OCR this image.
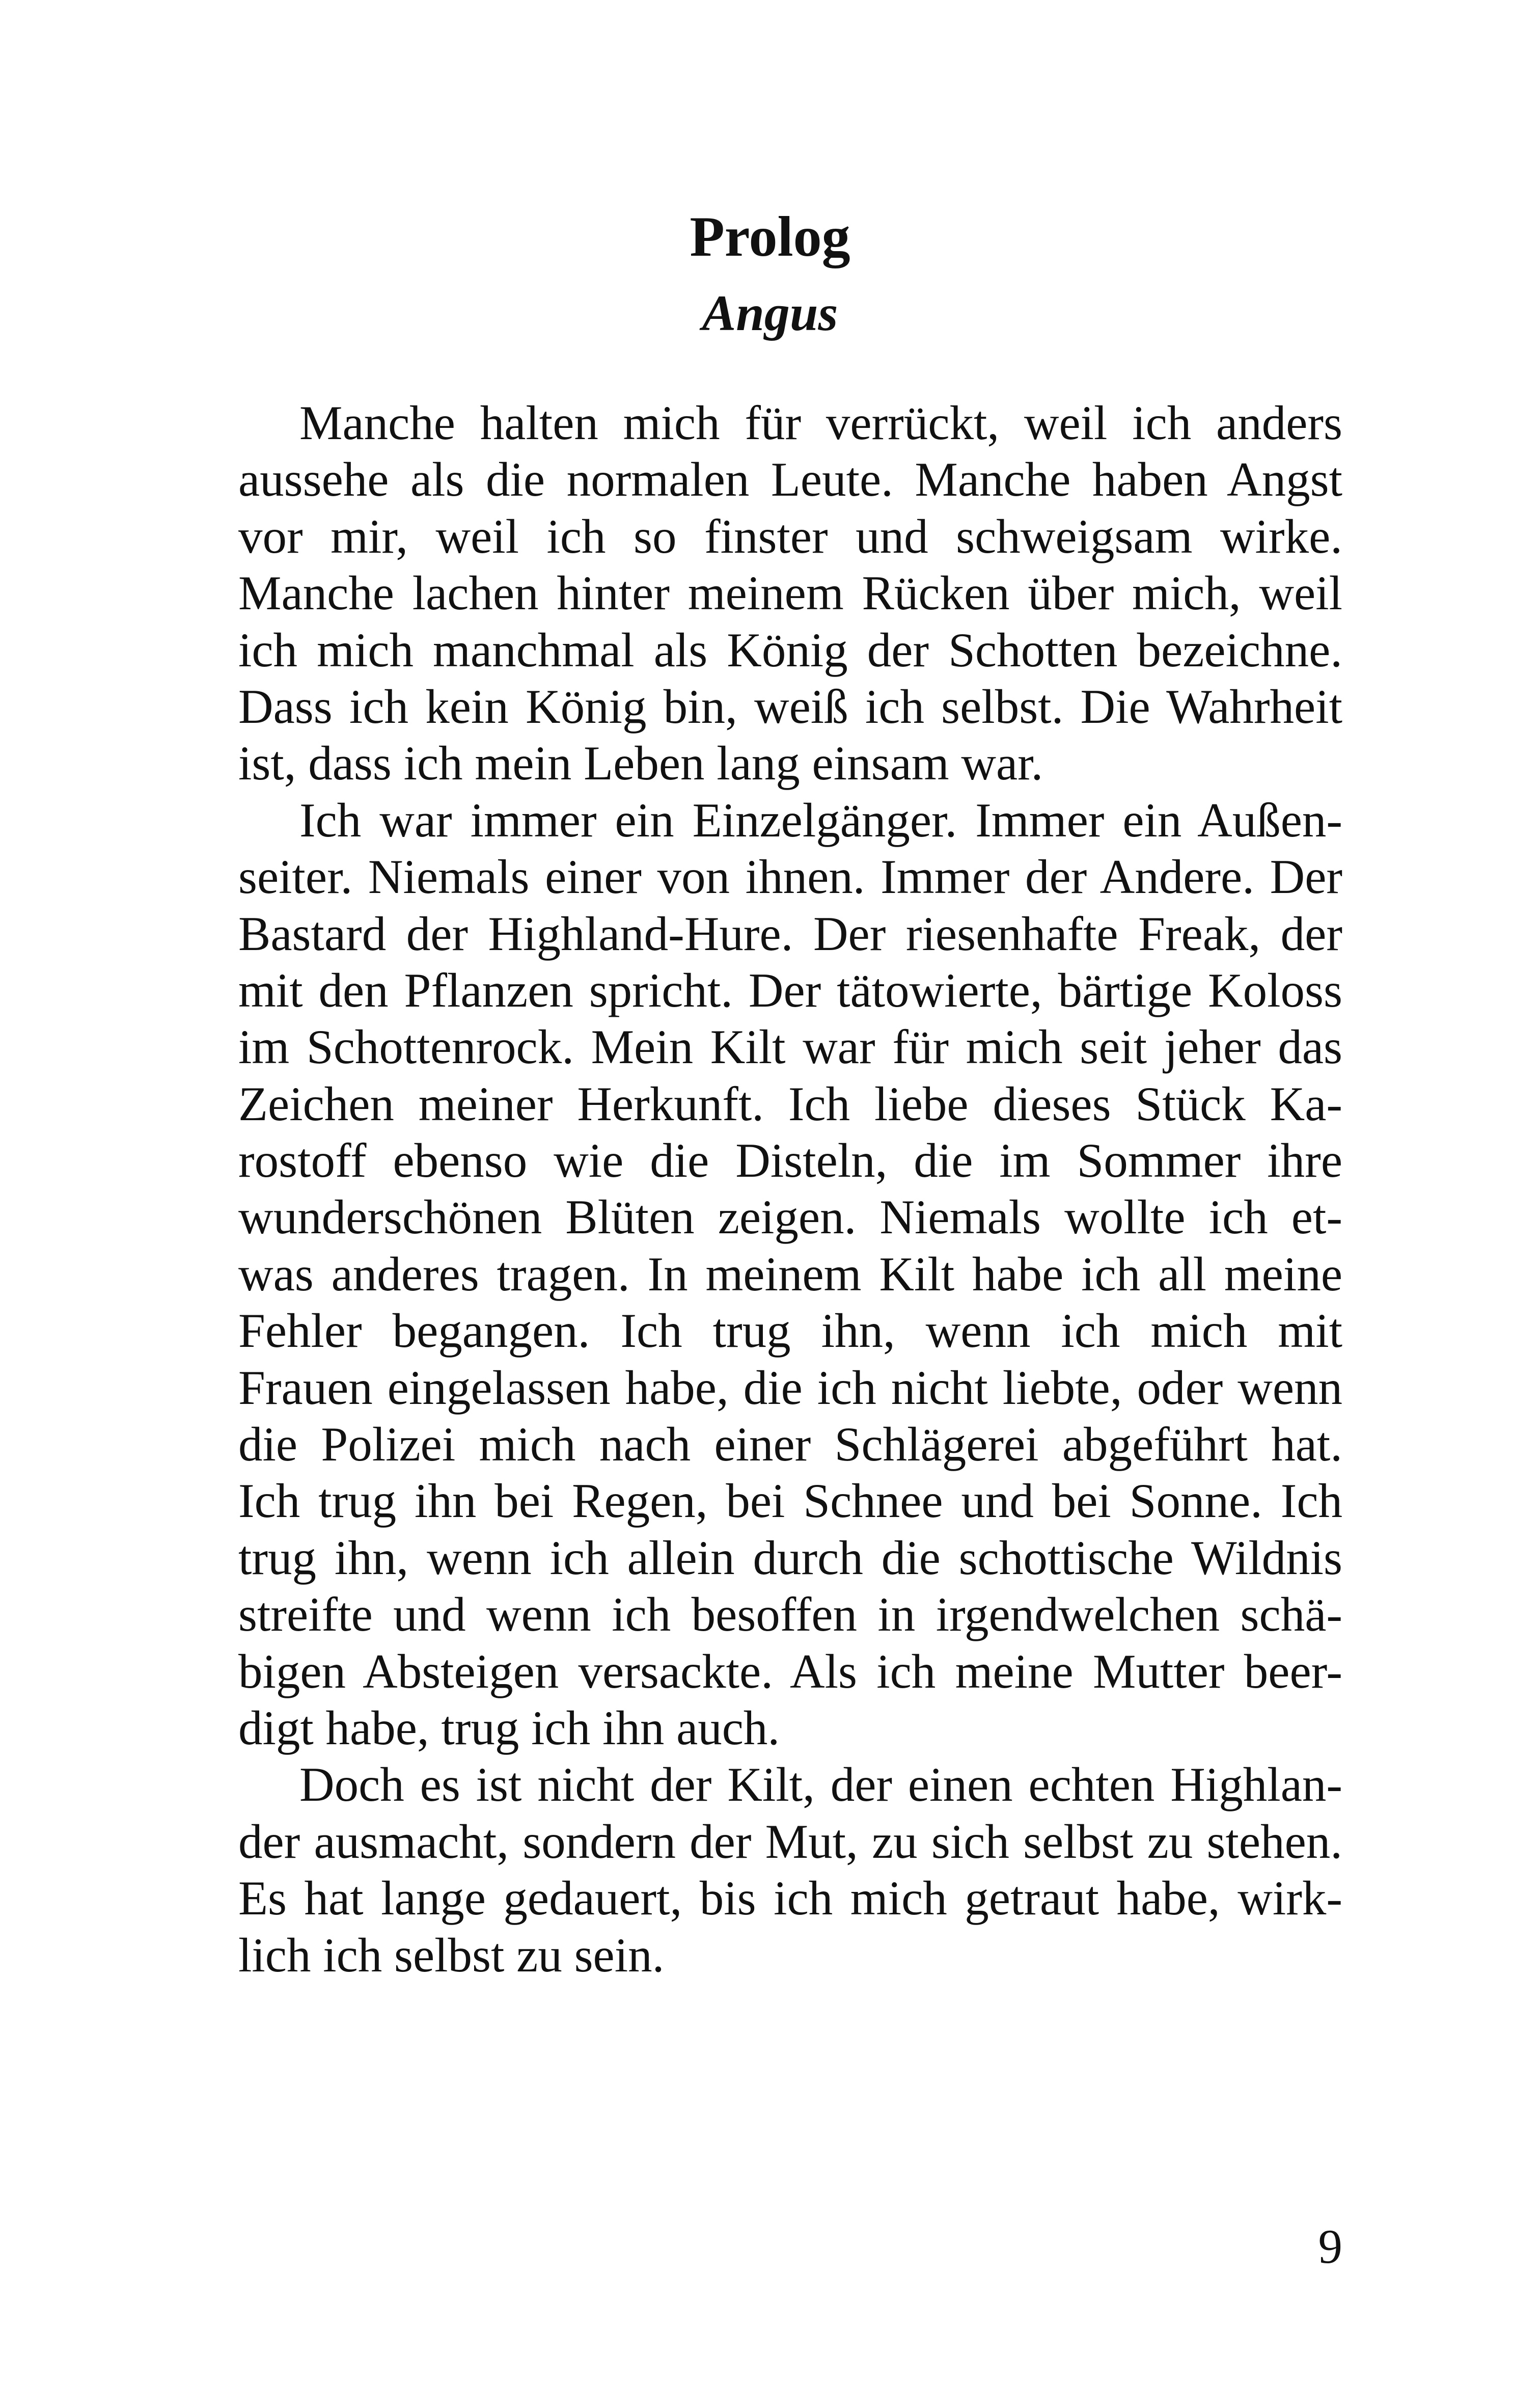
Prolog
Angus
Manche halten mich für verrückt, weil ich anders
aussehe als die normalen Leute. Manche haben Angst
vor mir, weil ich so finster und schweigsam wirke.
Manche lachen hinter meinem Rücken über mich, weil
ich mich manchmal als König der Schotten bezeichne.
Dass ich kein König bin, weiß ich selbst. Die Wahrheit
ist, dass ich mein Leben lang einsam war.
Ich war immer ein Einzelgänger. Immer ein Außen-
seiter. Niemals einer von ihnen. Immer der Andere. Der
Bastard der Highland-Hure. Der riesenhafte Freak, der
mit den Pflanzen spricht. Der tätowierte, bärtige Koloss
im Schottenrock. Mein Kilt war für mich seit jeher das
Zeichen meiner Herkunft. Ich liebe dieses Stück Ka-
rostoff ebenso wie die Disteln, die im Sommer ihre
wunderschönen Blüten zeigen. Niemals wollte ich et-
was anderes tragen. In meinem Kilt habe ich all meine
Fehler begangen. Ich trug ihn, wenn ich mich mit
Frauen eingelassen habe, die ich nicht liebte, oder wenn
die Polizei mich nach einer Schlägerei abgeführt hat.
Ich trug ihn bei Regen, bei Schnee und bei Sonne. Ich
trug ihn, wenn ich allein durch die schottische Wildnis
streifte und wenn ich besoffen in irgendwelchen schä-
bigen Absteigen versackte. Als ich meine Mutter beer-
digt habe, trug ich ihn auch.
Doch es ist nicht der Kilt, der einen echten Highlan-
der ausmacht, sondern der Mut, zu sich selbst zu stehen.
Es hat lange gedauert, bis ich mich getraut habe, wirk-
lich ich selbst zu sein.
9
